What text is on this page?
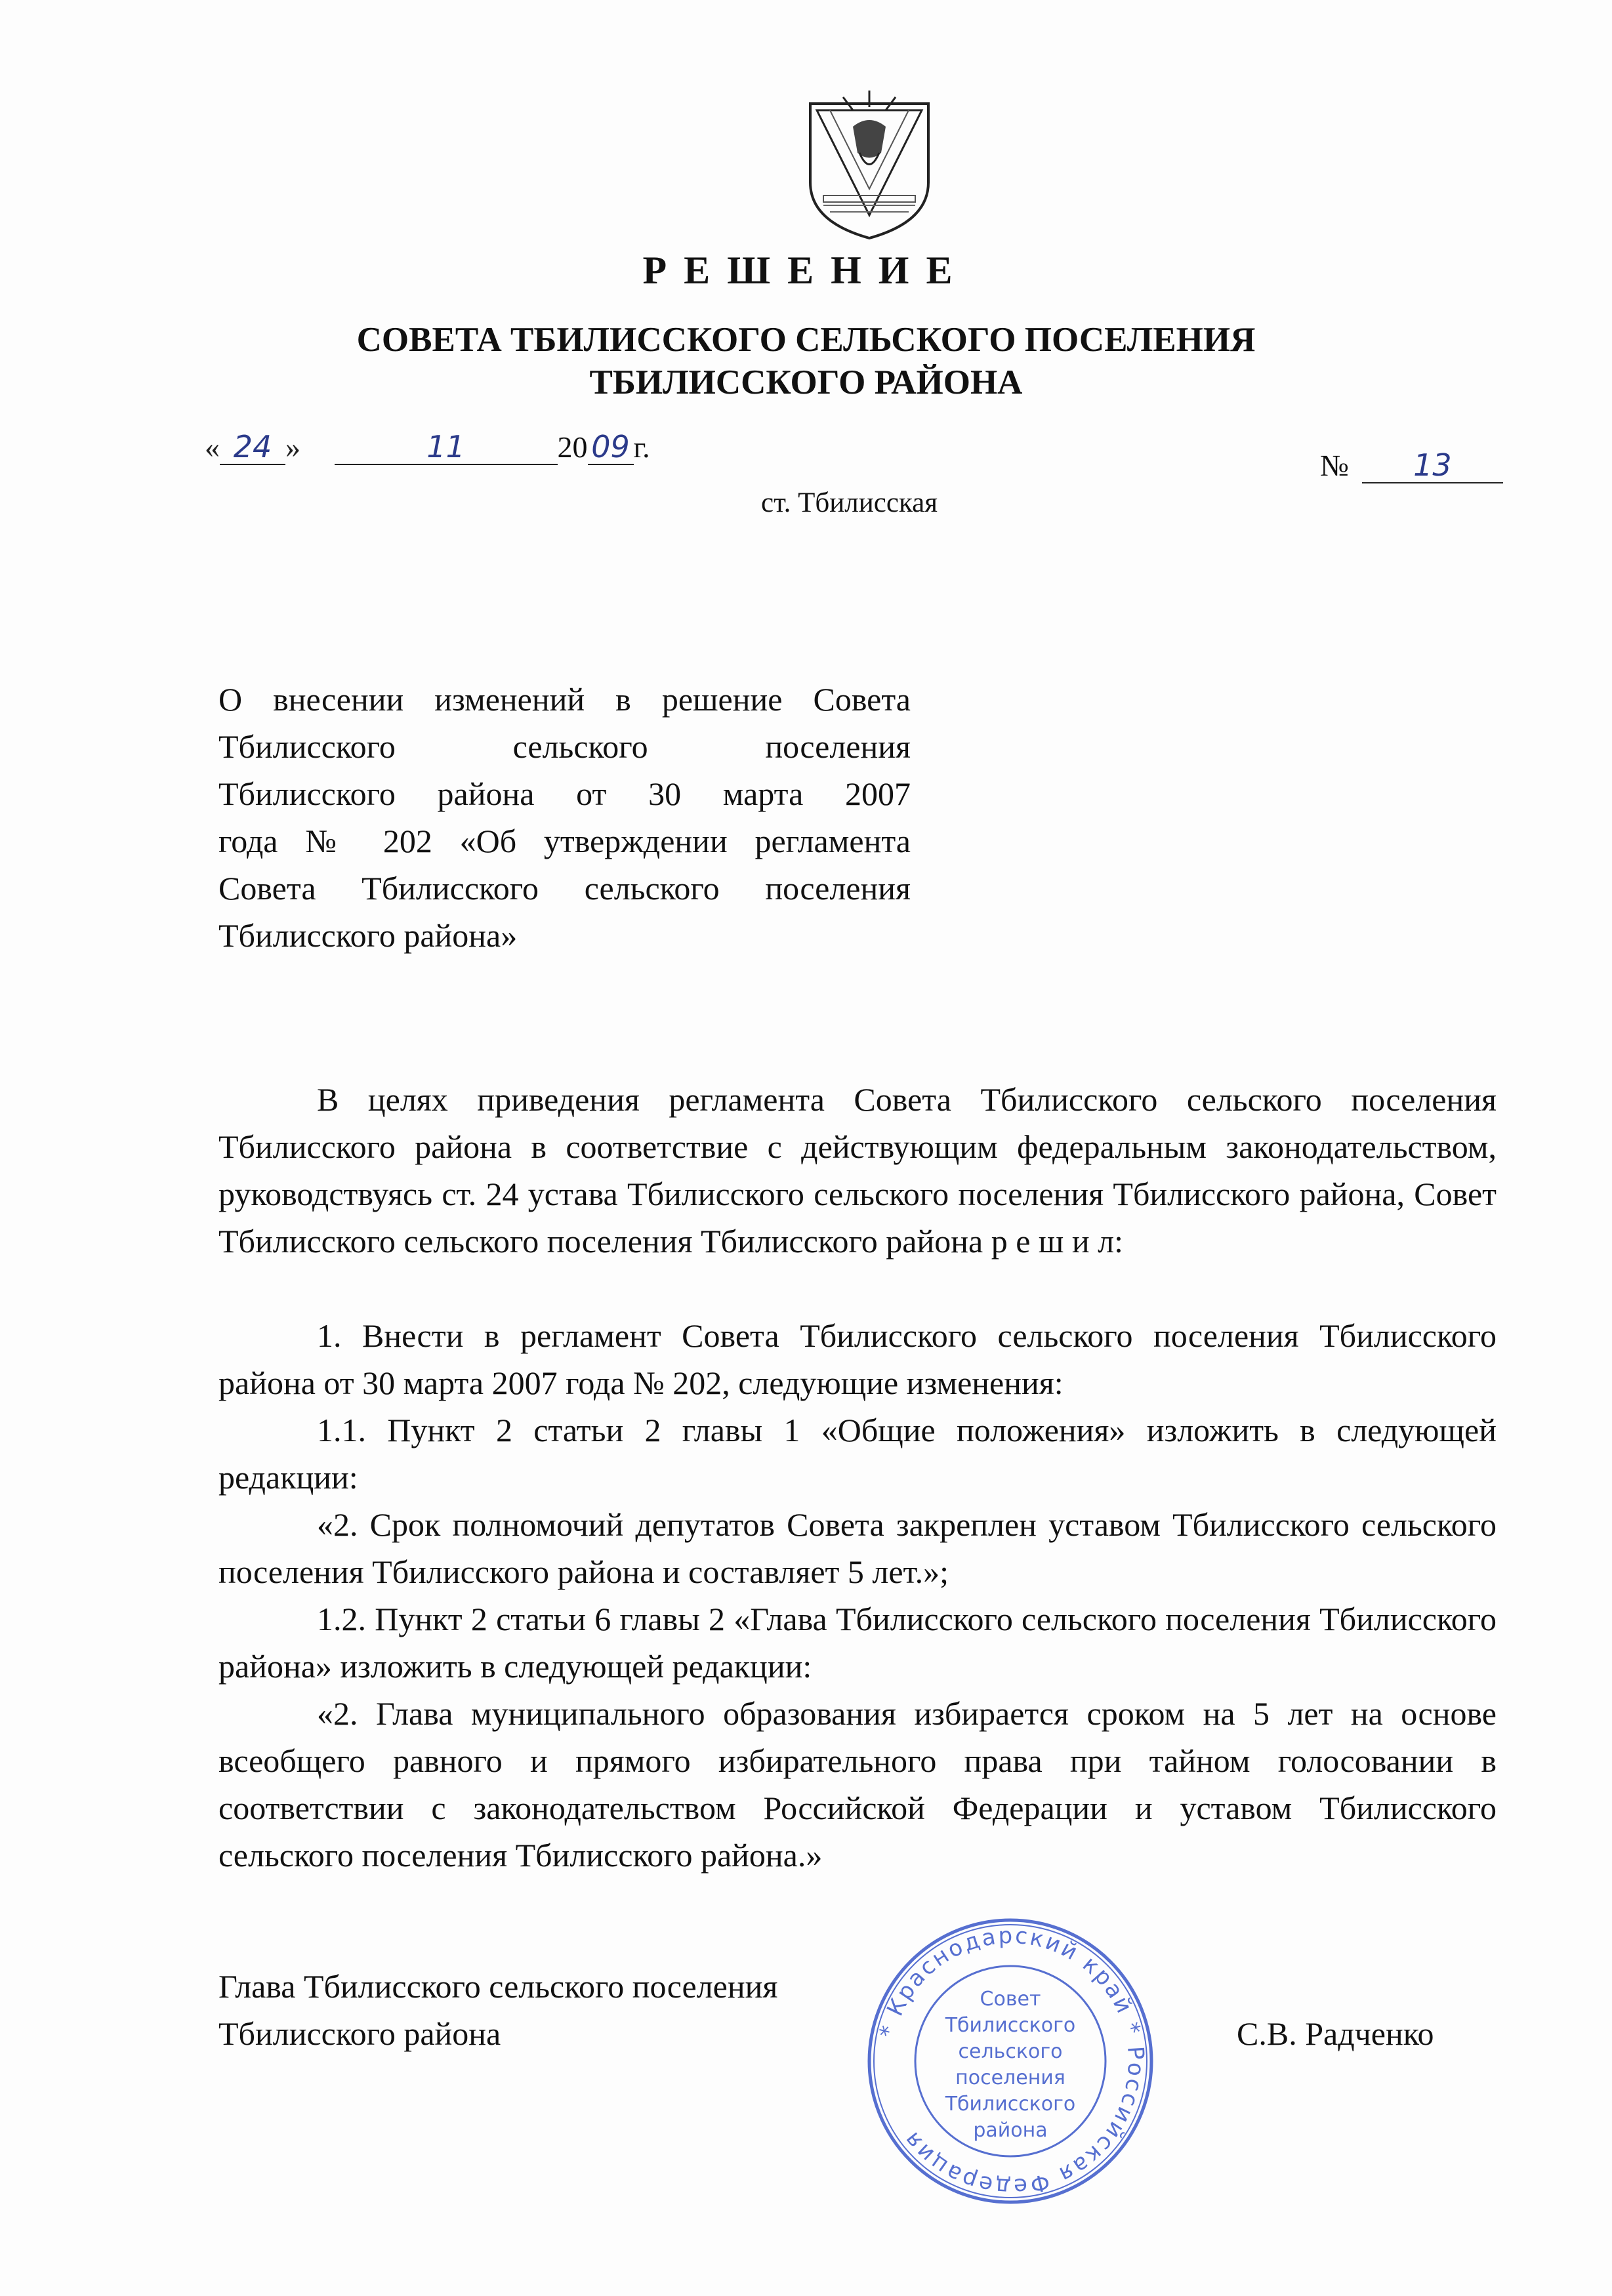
РЕШЕНИЕ
СОВЕТА ТБИЛИССКОГО СЕЛЬСКОГО ПОСЕЛЕНИЯ
ТБИЛИССКОГО РАЙОНА
« 24 »	11	20 09 г.
№ 13
ст. Тбилисская
О внесении изменений в решение Совета
Тбилисского сельского поселения
Тбилисского района от 30 марта 2007
года № 202 «Об утверждении регламента
Совета Тбилисского сельского поселения
Тбилисского района»

В целях приведения регламента Совета Тбилисского сельского поселения Тбилисского района в соответствие с действующим федеральным законодательством, руководствуясь ст. 24 устава Тбилисского сельского поселения Тбилисского района, Совет Тбилисского сельского поселения Тбилисского района р е ш и л:

1. Внести в регламент Совета Тбилисского сельского поселения Тбилисского района от 30 марта 2007 года № 202, следующие изменения:

1.1. Пункт 2 статьи 2 главы 1 «Общие положения» изложить в следующей редакции:

«2. Срок полномочий депутатов Совета закреплен уставом Тбилисского сельского поселения Тбилисского района и составляет 5 лет.»;

1.2. Пункт 2 статьи 6 главы 2 «Глава Тбилисского сельского поселения Тбилисского района» изложить в следующей редакции:

«2. Глава муниципального образования избирается сроком на 5 лет на основе всеобщего равного и прямого избирательного права при тайном голосовании в соответствии с законодательством Российской Федерации и уставом Тбилисского сельского поселения Тбилисского района.»

Глава Тбилисского сельского поселения
Тбилисского района	С.В. Радченко
* Краснодарский край * Российская Федерация
Совет
Тбилисского
сельского
поселения
Тбилисского
района
